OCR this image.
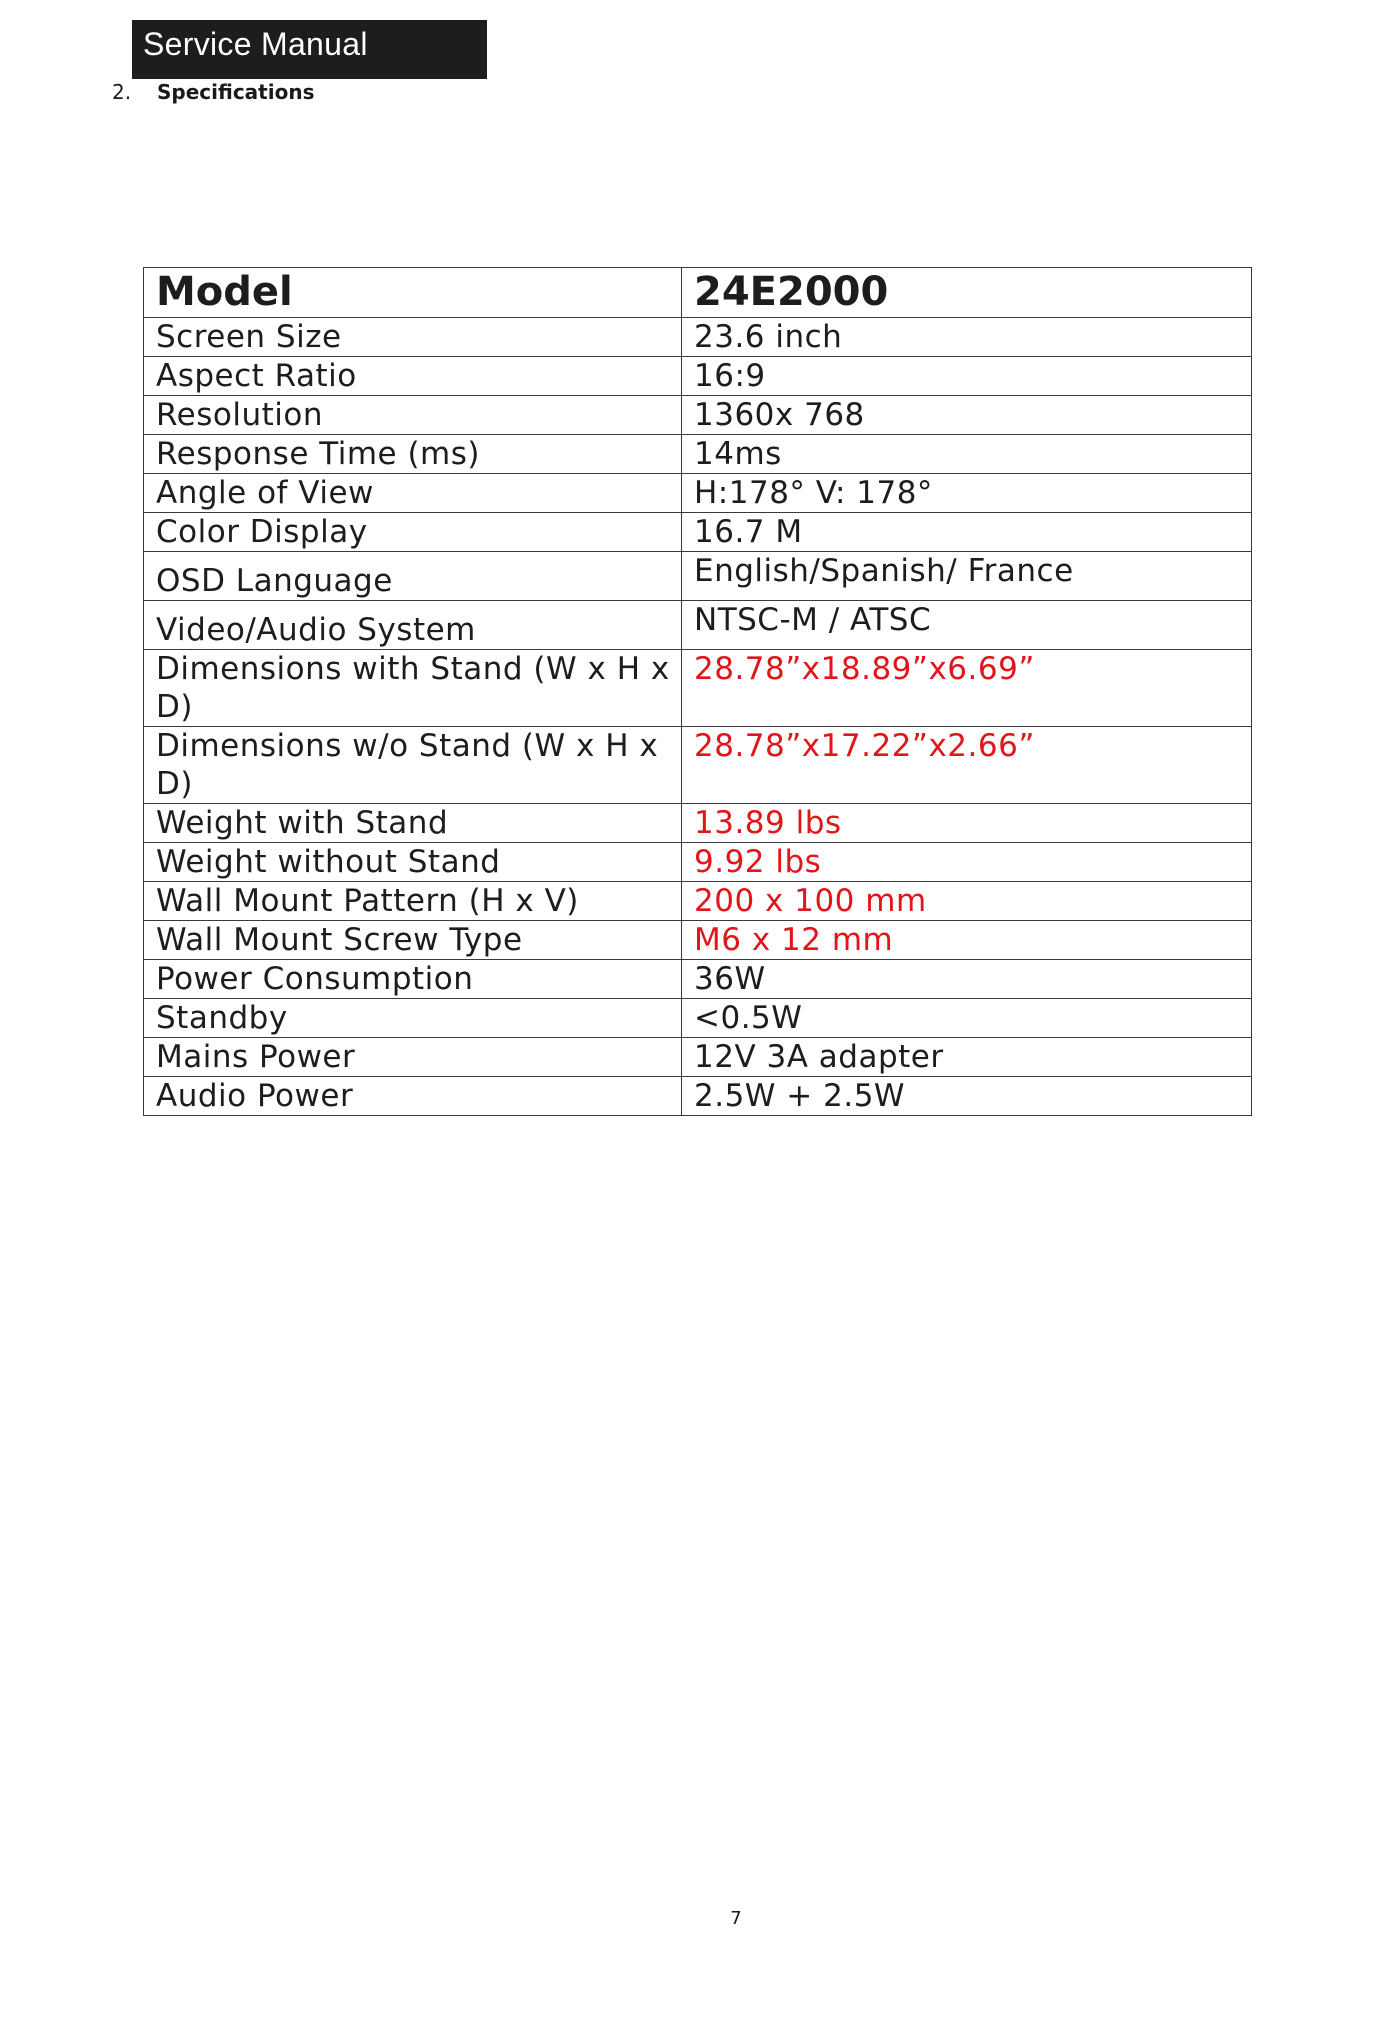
Service Manual
2. Specifications
Model	24E2000
Screen Size	23.6 inch
Aspect Ratio	16:9
Resolution	1360x 768
Response Time (ms)	14ms
Angle of View	H:178° V: 178°
Color Display	16.7 M
OSD Language	English/Spanish/ France
Video/Audio System	NTSC-M / ATSC
Dimensions with Stand (W x H x D)	28.78”x18.89”x6.69”
Dimensions w/o Stand (W x H x D)	28.78”x17.22”x2.66”
Weight with Stand	13.89 lbs
Weight without Stand	9.92 lbs
Wall Mount Pattern (H x V)	200 x 100 mm
Wall Mount Screw Type	M6 x 12 mm
Power Consumption	36W
Standby	<0.5W
Mains Power	12V 3A adapter
Audio Power	2.5W + 2.5W
7
